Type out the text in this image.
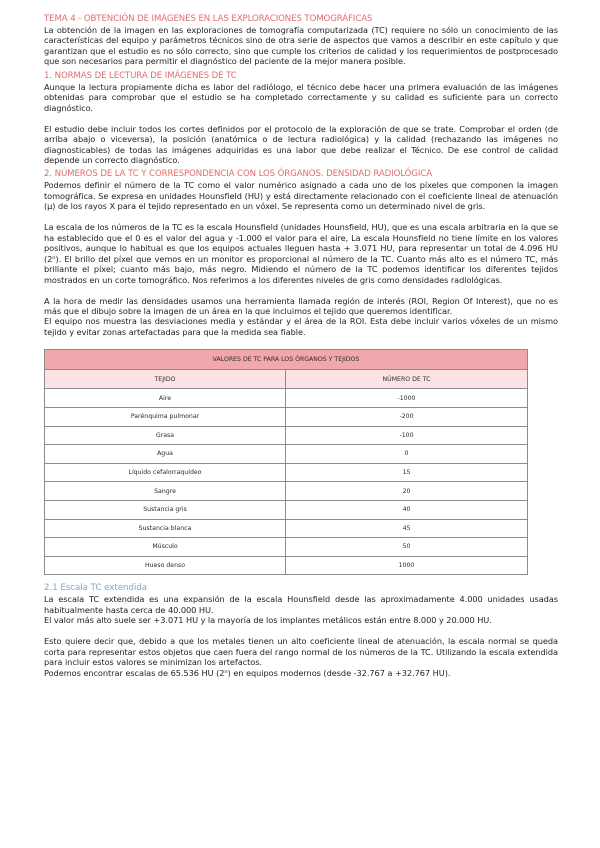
TEMA 4 - OBTENCIÓN DE IMÁGENES EN LAS EXPLORACIONES TOMOGRÁFICAS

La obtención de la imagen en las exploraciones de tomografía computarizada (TC) requiere no sólo un conocimiento de las características del equipo y parámetros técnicos sino de otra serie de aspectos que vamos a describir en este capítulo y que garantizan que el estudio es no sólo correcto, sino que cumple los criterios de calidad y los requerimientos de postprocesado que son necesarios para permitir el diagnóstico del paciente de la mejor manera posible.

1. NORMAS DE LECTURA DE IMÁGENES DE TC

Aunque la lectura propiamente dicha es labor del radiólogo, el técnico debe hacer una primera evaluación de las imágenes obtenidas para comprobar que el estudio se ha completado correctamente y su calidad es suficiente para un correcto diagnóstico.

El estudio debe incluir todos los cortes definidos por el protocolo de la exploración de que se trate. Comprobar el orden (de arriba abajo o viceversa), la posición (anatómica o de lectura radiológica) y la calidad (rechazando las imágenes no diagnosticables) de todas las imágenes adquiridas es una labor que debe realizar el Técnico. De ese control de calidad depende un correcto diagnóstico.

2. NÚMEROS DE LA TC Y CORRESPONDENCIA CON LOS ÓRGANOS. DENSIDAD RADIOLÓGICA

Podemos definir el número de la TC como el valor numérico asignado a cada uno de los píxeles que componen la imagen tomográfica. Se expresa en unidades Hounsfield (HU) y está directamente relacionado con el coeficiente lineal de atenuación (μ) de los rayos X para el tejido representado en un vóxel. Se representa como un determinado nivel de gris.

La escala de los números de la TC es la escala Hounsfield (unidades Hounsfield, HU), que es una escala arbitraria en la que se ha establecido que el 0 es el valor del agua y -1.000 el valor para el aire, La escala Hounsfield no tiene límite en los valores positivos, aunque lo habitual es que los equipos actuales lleguen hasta + 3.071 HU, para representar un total de 4.096 HU (2ⁿ). El brillo del píxel que vemos en un monitor es proporcional al número de la TC. Cuanto más alto es el número TC, más brillante el píxel; cuanto más bajo, más negro. Midiendo el número de la TC podemos identificar los diferentes tejidos mostrados en un corte tomográfico. Nos referimos a los diferentes niveles de gris como densidades radiológicas.

A la hora de medir las densidades usamos una herramienta llamada región de interés (ROI, Region Of Interest), que no es más que el dibujo sobre la imagen de un área en la que incluimos el tejido que queremos identificar.

El equipo nos muestra las desviaciones media y estándar y el área de la ROI. Esta debe incluir varios vóxeles de un mismo tejido y evitar zonas artefactadas para que la medida sea fiable.

VALORES DE TC PARA LOS ÓRGANOS Y TEJIDOS	
TEJIDO	NÚMERO DE TC
Aire	-1000
Parénquima pulmonar	-200
Grasa	-100
Agua	0
Líquido cefalorraquídeo	15
Sangre	20
Sustancia gris	40
Sustancia blanca	45
Músculo	50
Hueso denso	1000
2.1 Escala TC extendida

La escala TC extendida es una expansión de la escala Hounsfield desde las aproximadamente 4.000 unidades usadas habitualmente hasta cerca de 40.000 HU.

El valor más alto suele ser +3.071 HU y la mayoría de los implantes metálicos están entre 8.000 y 20.000 HU.

Esto quiere decir que, debido a que los metales tienen un alto coeficiente lineal de atenuación, la escala normal se queda corta para representar estos objetos que caen fuera del rango normal de los números de la TC. Utilizando la escala extendida para incluir estos valores se minimizan los artefactos.

Podemos encontrar escalas de 65.536 HU (2ⁿ) en equipos modernos (desde -32.767 a +32.767 HU).
